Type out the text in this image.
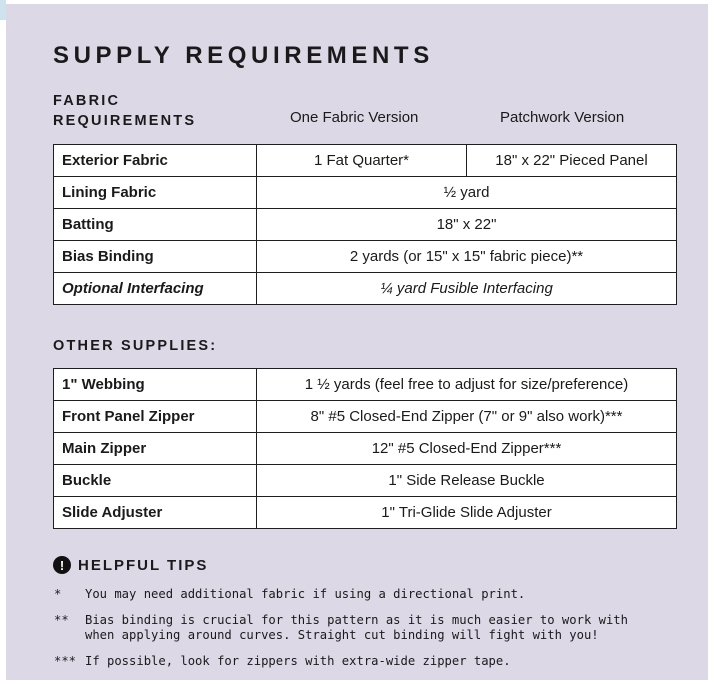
SUPPLY REQUIREMENTS
FABRIC
REQUIREMENTS	One Fabric Version	Patchwork Version
Exterior Fabric	1 Fat Quarter*	18" x 22" Pieced Panel
Lining Fabric	½ yard	
Batting	18" x 22"	
Bias Binding	2 yards (or 15" x 15" fabric piece)**	
Optional Interfacing	¼ yard Fusible Interfacing	
OTHER SUPPLIES:
1" Webbing	1 ½ yards (feel free to adjust for size/preference)
Front Panel Zipper	8" #5 Closed-End Zipper (7" or 9" also work)***
Main Zipper	12" #5 Closed-End Zipper***
Buckle	1" Side Release Buckle
Slide Adjuster	1" Tri-Glide Slide Adjuster
! HELPFUL TIPS
*	You may need additional fabric if using a directional print.
**	Bias binding is crucial for this pattern as it is much easier to work with
when applying around curves. Straight cut binding will fight with you!
*** If possible, look for zippers with extra-wide zipper tape.
